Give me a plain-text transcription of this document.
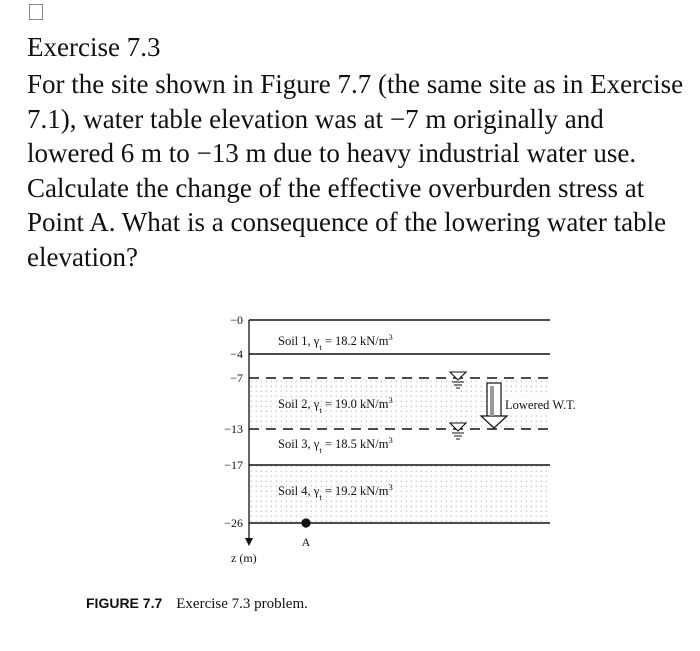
Exercise 7.3

For the site shown in Figure 7.7 (the same site as in Exercise 7.1), water table elevation was at −7 m originally and lowered 6 m to −13 m due to heavy industrial water use. Calculate the change of the effective overburden stress at Point A. What is a consequence of the lowering water table elevation?

−0
−4
−7
−13
−17
−26
z (m)
Soil 1, $\gamma_t = 18.2$ $kN/m^3$
Soil 2, $\gamma_t = 19.0$ $kN/m^3$
Soil 3, $\gamma_t = 18.5$ $kN/m^3$
Soil 4, $\gamma_t = 19.2$ $kN/m^3$
Lowered W.T.
A
FIGURE 7.7 Exercise 7.3 problem.
